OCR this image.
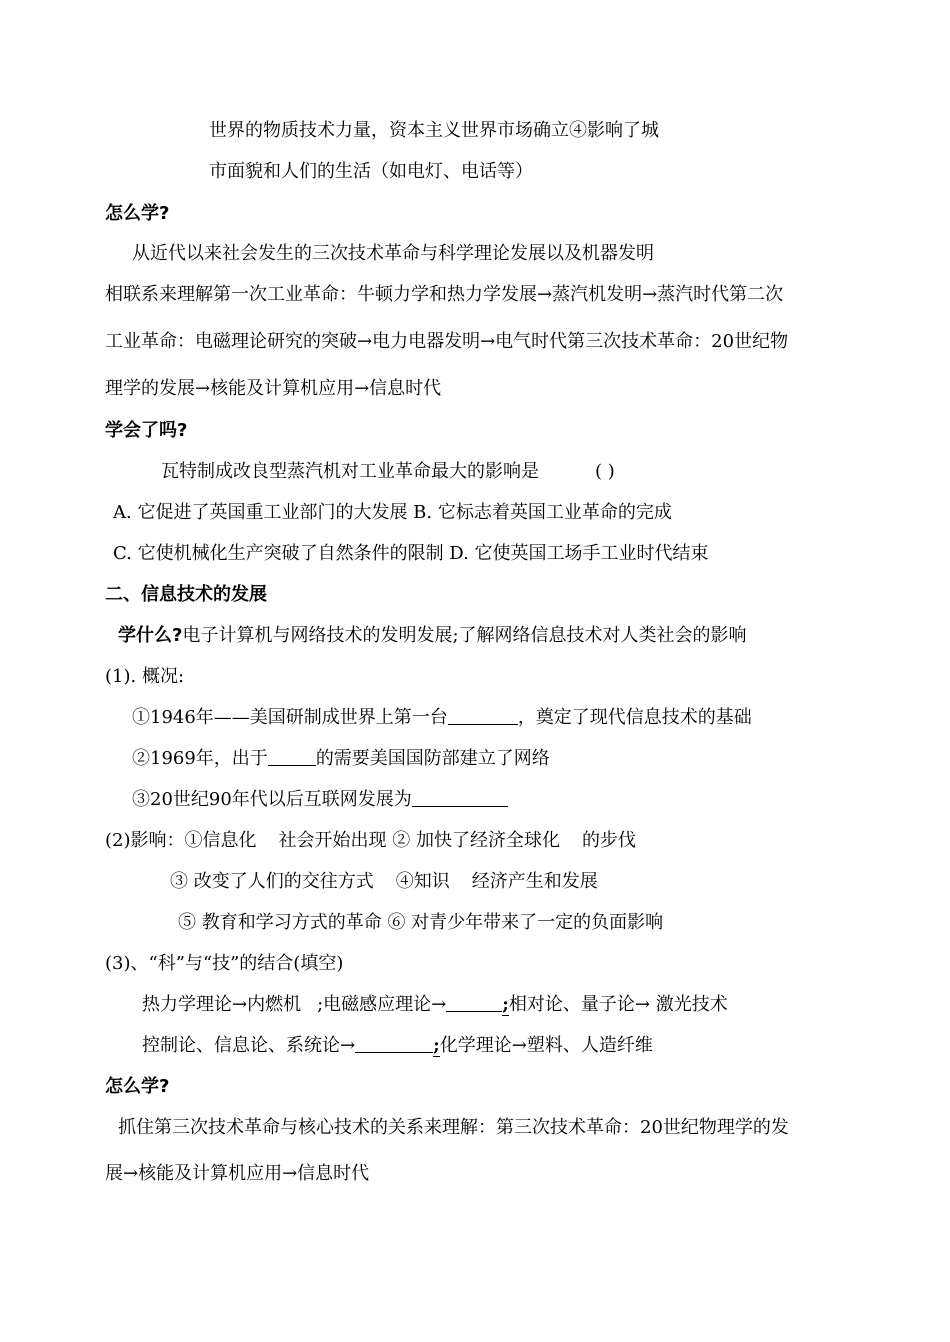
世界的物质技术力量，资本主义世界市场确立④影响了城
市面貌和人们的生活（如电灯、电话等）
怎么学?
从近代以来社会发生的三次技术革命与科学理论发展以及机器发明
相联系来理解第一次工业革命：牛顿力学和热力学发展→蒸汽机发明→蒸汽时代第二次
工业革命：电磁理论研究的突破→电力电器发明→电气时代第三次技术革命：20世纪物
理学的发展→核能及计算机应用→信息时代
学会了吗?
瓦特制成改良型蒸汽机对工业革命最大的影响是	( )
A. 它促进了英国重工业部门的大发展 B. 它标志着英国工业革命的完成
C. 它使机械化生产突破了自然条件的限制 D. 它使英国工场手工业时代结束
二、信息技术的发展
学什么?电子计算机与网络技术的发明发展;了解网络信息技术对人类社会的影响
(1). 概况:
①1946年——美国研制成世界上第一台	，奠定了现代信息技术的基础
②1969年，出于	的需要美国国防部建立了网络
③20世纪90年代以后互联网发展为
(2)影响：①信息化 社会开始出现 ② 加快了经济全球化 的步伐
③ 改变了人们的交往方式 ④知识 经济产生和发展
⑤ 教育和学习方式的革命 ⑥ 对青少年带来了一定的负面影响
(3)、“科”与“技”的结合(填空)
热力学理论→内燃机 ;电磁感应理论→	;相对论、量子论→ 激光技术
控制论、信息论、系统论→	;化学理论→塑料、人造纤维
怎么学?
抓住第三次技术革命与核心技术的关系来理解：第三次技术革命：20世纪物理学的发
展→核能及计算机应用→信息时代
